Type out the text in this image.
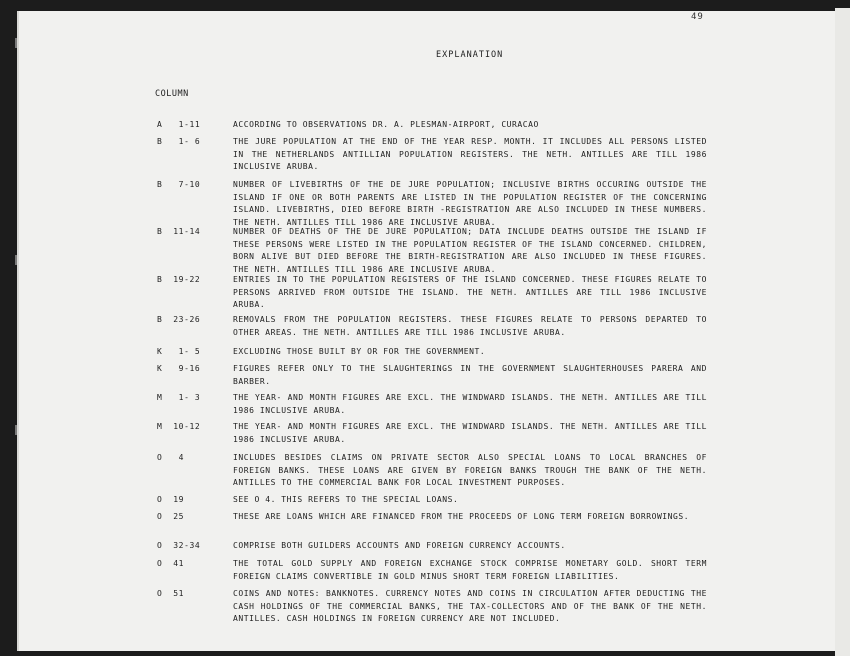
49
EXPLANATION
COLUMN
A   1-11	ACCORDING TO OBSERVATIONS DR. A. PLESMAN-AIRPORT, CURACAO
B   1- 6	THE JURE POPULATION AT THE END OF THE YEAR RESP. MONTH. IT INCLUDES ALL PERSONS LISTED IN THE NETHERLANDS ANTILLIAN POPULATION REGISTERS. THE NETH. ANTILLES ARE TILL 1986 INCLUSIVE ARUBA.
B   7-10	NUMBER OF LIVEBIRTHS OF THE DE JURE POPULATION; INCLUSIVE BIRTHS OCCURING OUTSIDE THE ISLAND IF ONE OR BOTH PARENTS ARE LISTED IN THE POPULATION REGISTER OF THE CONCERNING ISLAND. LIVEBIRTHS, DIED BEFORE BIRTH -REGISTRATION ARE ALSO INCLUDED IN THESE NUMBERS. THE NETH. ANTILLES TILL 1986 ARE INCLUSIVE ARUBA.
B  11-14	NUMBER OF DEATHS OF THE DE JURE POPULATION; DATA INCLUDE DEATHS OUTSIDE THE ISLAND IF THESE PERSONS WERE LISTED IN THE POPULATION REGISTER OF THE ISLAND CONCERNED. CHILDREN, BORN ALIVE BUT DIED BEFORE THE BIRTH-REGISTRATION ARE ALSO INCLUDED IN THESE FIGURES. THE NETH. ANTILLES TILL 1986 ARE INCLUSIVE ARUBA.
B  19-22	ENTRIES IN TO THE POPULATION REGISTERS OF THE ISLAND CONCERNED. THESE FIGURES RELATE TO PERSONS ARRIVED FROM OUTSIDE THE ISLAND. THE NETH. ANTILLES ARE TILL 1986 INCLUSIVE ARUBA.
B  23-26	REMOVALS FROM THE POPULATION REGISTERS. THESE FIGURES RELATE TO PERSONS DEPARTED TO OTHER AREAS. THE NETH. ANTILLES ARE TILL 1986 INCLUSIVE ARUBA.
K   1- 5	EXCLUDING THOSE BUILT BY OR FOR THE GOVERNMENT.
K   9-16	FIGURES REFER ONLY TO THE SLAUGHTERINGS IN THE GOVERNMENT SLAUGHTERHOUSES PARERA AND BARBER.
M   1- 3	THE YEAR- AND MONTH FIGURES ARE EXCL. THE WINDWARD ISLANDS. THE NETH. ANTILLES ARE TILL 1986 INCLUSIVE ARUBA.
M  10-12	THE YEAR- AND MONTH FIGURES ARE EXCL. THE WINDWARD ISLANDS. THE NETH. ANTILLES ARE TILL 1986 INCLUSIVE ARUBA.
O   4	INCLUDES BESIDES CLAIMS ON PRIVATE SECTOR ALSO SPECIAL LOANS TO LOCAL BRANCHES OF FOREIGN BANKS. THESE LOANS ARE GIVEN BY FOREIGN BANKS TROUGH THE BANK OF THE NETH. ANTILLES TO THE COMMERCIAL BANK FOR LOCAL INVESTMENT PURPOSES.
O  19	SEE O 4. THIS REFERS TO THE SPECIAL LOANS.
O  25	THESE ARE LOANS WHICH ARE FINANCED FROM THE PROCEEDS OF LONG TERM FOREIGN BORROWINGS.
O  32-34	COMPRISE BOTH GUILDERS ACCOUNTS AND FOREIGN CURRENCY ACCOUNTS.
O  41	THE TOTAL GOLD SUPPLY AND FOREIGN EXCHANGE STOCK COMPRISE MONETARY GOLD. SHORT TERM FOREIGN CLAIMS CONVERTIBLE IN GOLD MINUS SHORT TERM FOREIGN LIABILITIES.
O  51	COINS AND NOTES: BANKNOTES. CURRENCY NOTES AND COINS IN CIRCULATION AFTER DEDUCTING THE CASH HOLDINGS OF THE COMMERCIAL BANKS, THE TAX-COLLECTORS AND OF THE BANK OF THE NETH. ANTILLES. CASH HOLDINGS IN FOREIGN CURRENCY ARE NOT INCLUDED.
